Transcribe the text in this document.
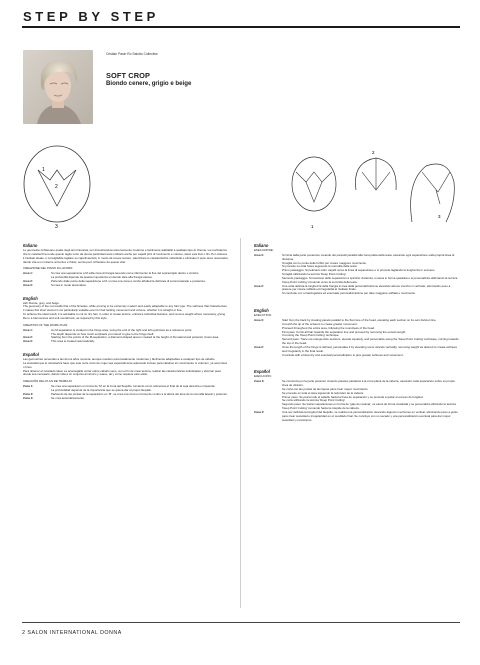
STEP BY STEP
Cristian Pasin Ro Salotto Collective
SOFT CROP
Biondo cenere, grigio e beige
1
2
3	1
2
3

Italiano

Le geometrie richiamano quelle degli anni Novanta, per dimostrandosi estremamente moderne e facilmente adattabili a qualsiasi tipo di chioma. La morbidezza che le caratterizza rende questo taglio corto da donna particolarmente indicato anche per capelli privi di movimento e volume, siano essi lisci o fini. Per ottenere il risultato ideale, è consigliabile tagliare su capelli asciutti, in modo da creare texture, valorizzare le caratteristiche individuali e eliminare il peso dove necessario, dando vita a un insieme armonico e fluido, senza però richiedere da questo stile.

CREAZIONE DEL PIANO DI LAVORO:

Area 1:	Si crea una separazione a M sulla zona di frangia tenendo come riferimento la fine del sopracciglio destro e sinistro.

La profondità dipende da quanta importanza si intende dare alla frangia stessa.

Area 2:	Partendo dalle punte della separazione a M, si crea una zona a rombo all'altezza dell'area di corona laterale e posteriore.

Area 3:	Si crea in modo automatico.

English

Ash blonde, grey, and beige.

The geometry of the cut recalls that of the Nineties, while proving to be extremely modern and easily adaptable to any hair type. The softness that characterises it makes this short women's cut particularly suitable even for hair lacking movement and volume, whether it is straight or fine.

To achieve the ideal result, it is advisable to cut on dry hair, in order to create texture, enhance individual features, and remove weight where necessary, giving life to a harmonious and soft overall look, as required by this style.

CREATION OF THE WORK PLAN:

Area 1:	An M-separation is created in the fringe area, using the end of the right and left eyebrows as a reference point.

The depth depends on how much emphasis you intend to give to the fringe itself.

Area 2:	Starting from the points of the M-separation, a diamond-shaped area is created at the height of the lateral and posterior crown area.

Area 3:	This area is created automatically.

Español

Las geometrías recuerdan a las de los años noventa, aunque resulten extremadamente modernas y fácilmente adaptables a cualquier tipo de cabello.

La suavidad que lo caracteriza hace que este corte corto de mujer sea especialmente adecuado incluso para cabellos sin movimiento ni volumen, ya sean lisos o finos.

Para obtener el resultado ideal, es aconsejable cortar sobre cabello seco, con el fin de crear textura, realzar las características individuales y eliminar peso donde sea necesario, dando vida a un conjunto armónico y suave, tal y como requiere este estilo.

CREACIÓN DEL PLAN DE TRABAJO

Zona 1:	Se crea una separación en forma de 'M' en la zona del flequillo, tomando como referencia el final de la ceja derecha e izquierda.

La profundidad depende de la importancia que se quiera dar al propio flequillo.

Zona 2:	Partiendo de las puntas de la separación en 'M', se crea una zona en forma de rombo a la altura del área de la coronilla lateral y posterior.

Zona 3:	Se crea automáticamente.

Italiano

ESECUZIONE:

Area 3:	Si inizia dalla parte posteriore creando dei pannelli paralleli alla zona piatta della testa, elevando ogni separazione sulla propria linea di divisione.

Si taglia con le punte delle forbici per creare maggiore movimento.

Si procede su tutta l'area seguendo la rotondità della testa.

Primo passaggio: Si pettinano tutti i capelli verso la linea di separazione e si procede tagliando la lunghezza in eccesso.

Si taglia utilizzando la tecnica 'Deep Point Cutting'.

Secondo passaggio: Si tracciano delle separazioni a spicchio d'arancia, si eleva in forma quadrata e si personalizza utilizzando la tecnica 'Deep Point Cutting' curvando verso la sommità della testa.

Area 2:	Una volta definita la lunghezza della frangia si crea della personalizzazione elevando alcune ciocche in verticale, eliminando peso a piacere per creare soffiotà ed irregolarità al risultato finale.

Si conclude con un'asciugatura ed eventuale personalizzazione per dare maggiore soffiatà e movimento.

English

EXECUTION:

Area 3:	Start from the back by creating panels parallel to the flat zone of the head, elevating each section on its own division line.

Cut with the tip of the scissors to create greater movement.

Proceed throughout the entire area, following the roundness of the head.

First pass: Comb all hair towards the separation line and proceed by removing the excess length.

Cut using the 'Deep Point Cutting' technique.

Second pass: Trace out orange-slice sections, elevate squarely, and personalize using the 'Deep Point Cutting' technique, curving towards the top of the head.

Area 2:	Once the length of the fringe is defined, personalise it by elevating some strands vertically, removing weight as desired to create softness and irregularity in the final result.

Conclude with a blow-dry and eventual personalization to give greater softness and movement.

Español

EJECUCIÓN:

Zona 3:	Se comienza por la parte posterior creando paneles paralelos a la zona plana de la cabeza, elevando cada separación sobre su propia línea de división.

Se corta con las puntas de las tijeras para crear mayor movimiento.

Se procede en toda el área siguiendo la redondez de la cabeza.

Primer paso: Se peina todo el cabello hacia la línea de separación y se procede a quitar el exceso de longitud.

Se corta utilizando la técnica 'Deep Point Cutting'.

Segundo paso: Se trazan separaciones en forma de 'gajo de naranja', se eleva de forma cuadrada y se personaliza utilizando la técnica 'Deep Point Cutting' curvando hacia la cúspide de la cabeza.

Zona 2:	Una vez definida la longitud del flequillo, se realiza una personalización elevando algunos mechones en vertical, eliminando peso a gusto para crear suavidad e irregularidad en el resultado final. Se concluye con un secado y una personalización eventual para dar mayor suavidad y movimiento.

2 SALON INTERNATIONAL DONNA
